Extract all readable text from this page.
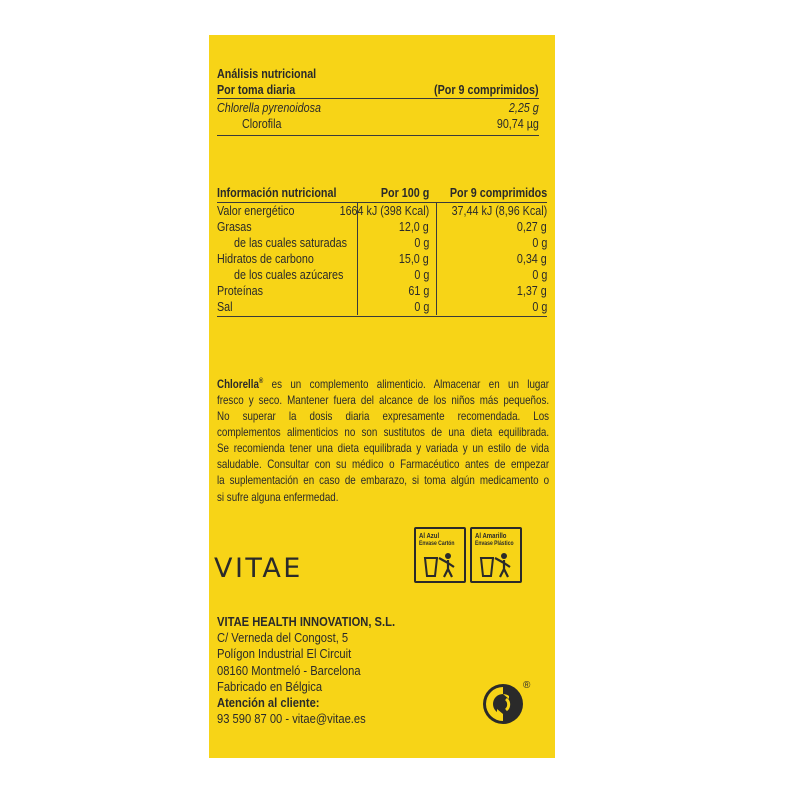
Análisis nutricional
Por toma diaria	(Por 9 comprimidos)
Chlorella pyrenoidosa	2,25 g
Clorofila	90,74 µg
Información nutricional	Por 100 g	Por 9 comprimidos
Valor energético	1664 kJ (398 Kcal)	37,44 kJ (8,96 Kcal)
Grasas	12,0 g	0,27 g
de las cuales saturadas	0 g	0 g
Hidratos de carbono	15,0 g	0,34 g
de los cuales azúcares	0 g	0 g
Proteínas	61 g	1,37 g
Sal	0 g	0 g
Chlorella® es un complemento alimenticio. Almacenar en un lugar
fresco y seco. Mantener fuera del alcance de los niños más pequeños.
No superar la dosis diaria expresamente recomendada. Los
complementos alimenticios no son sustitutos de una dieta equilibrada.
Se recomienda tener una dieta equilibrada y variada y un estilo de vida
saludable. Consultar con su médico o Farmacéutico antes de empezar
la suplementación en caso de embarazo, si toma algún medicamento o
si sufre alguna enfermedad.
Al Azul
Envase Cartón
Al Amarillo
Envase Plástico
VITAE
VITAE HEALTH INNOVATION, S.L.
C/ Verneda del Congost, 5
Polígon Industrial El Circuit
08160 Montmeló - Barcelona
Fabricado en Bélgica
Atención al cliente:
93 590 87 00 - vitae@vitae.es
®
